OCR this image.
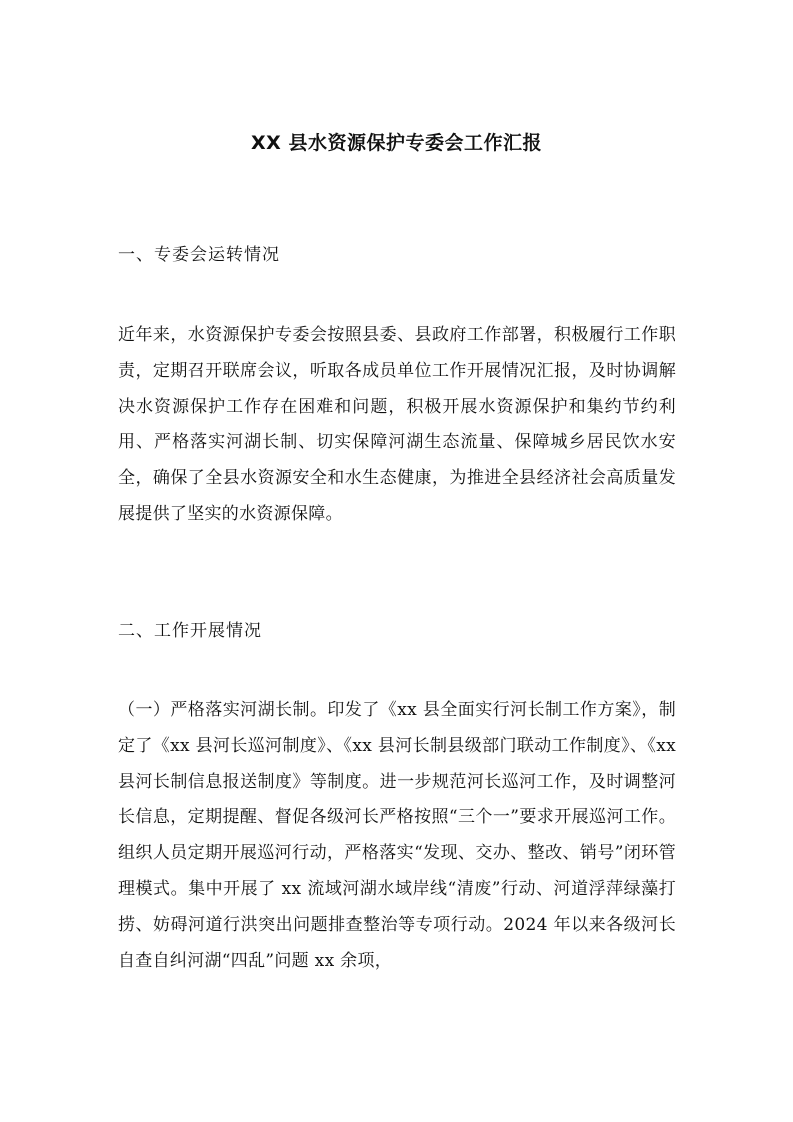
XX 县水资源保护专委会工作汇报
一、专委会运转情况
近年来，水资源保护专委会按照县委、县政府工作部署，积极履行工作职责，定期召开联席会议，听取各成员单位工作开展情况汇报，及时协调解决水资源保护工作存在困难和问题，积极开展水资源保护和集约节约利用、严格落实河湖长制、切实保障河湖生态流量、保障城乡居民饮水安全，确保了全县水资源安全和水生态健康，为推进全县经济社会高质量发展提供了坚实的水资源保障。
二、工作开展情况
（一）严格落实河湖长制。印发了《xx 县全面实行河长制工作方案》，制定了《xx 县河长巡河制度》、《xx 县河长制县级部门联动工作制度》、《xx 县河长制信息报送制度》等制度。进一步规范河长巡河工作，及时调整河长信息，定期提醒、督促各级河长严格按照“三个一”要求开展巡河工作。组织人员定期开展巡河行动，严格落实“发现、交办、整改、销号”闭环管理模式。集中开展了 xx 流域河湖水域岸线“清废”行动、河道浮萍绿藻打捞、妨碍河道行洪突出问题排查整治等专项行动。2024 年以来各级河长自查自纠河湖“四乱”问题 xx 余项，
